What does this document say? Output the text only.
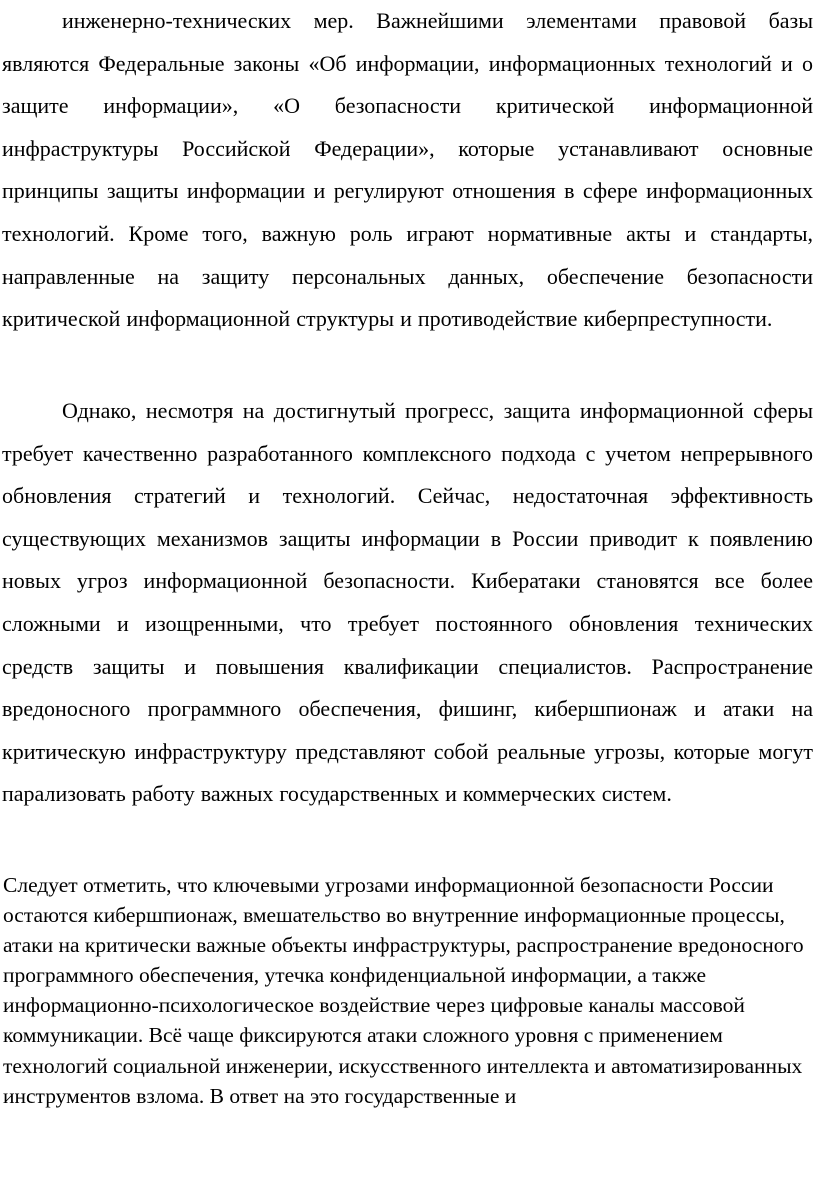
инженерно-технических мер. Важнейшими элементами правовой базы являются Федеральные законы «Об информации, информационных технологий и о защите информации», «О безопасности критической информационной инфраструктуры Российской Федерации», которые устанавливают основные принципы защиты информации и регулируют отношения в сфере информационных технологий. Кроме того, важную роль играют нормативные акты и стандарты, направленные на защиту персональных данных, обеспечение безопасности критической информационной структуры и противодействие киберпреступности.

Однако, несмотря на достигнутый прогресс, защита информационной сферы требует качественно разработанного комплексного подхода с учетом непрерывного обновления стратегий и технологий. Сейчас, недостаточная эффективность существующих механизмов защиты информации в России приводит к появлению новых угроз информационной безопасности. Кибератаки становятся все более сложными и изощренными, что требует постоянного обновления технических средств защиты и повышения квалификации специалистов. Распространение вредоносного программного обеспечения, фишинг, кибершпионаж и атаки на критическую инфраструктуру представляют собой реальные угрозы, которые могут парализовать работу важных государственных и коммерческих систем.

Следует отметить, что ключевыми угрозами информационной безопасности России остаются кибершпионаж, вмешательство во внутренние информационные процессы, атаки на критически важные объекты инфраструктуры, распространение вредоносного программного обеспечения, утечка конфиденциальной информации, а также информационно-психологическое воздействие через цифровые каналы массовой коммуникации. Всё чаще фиксируются атаки сложного уровня с применением технологий социальной инженерии, искусственного интеллекта и автоматизированных инструментов взлома. В ответ на это государственные и
